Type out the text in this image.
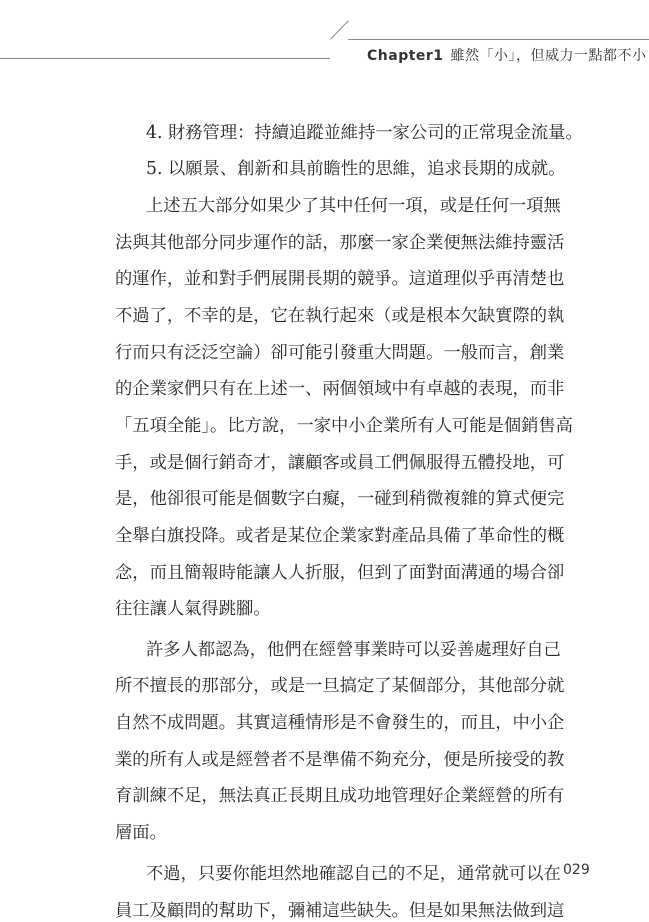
Chapter1 雖然「小」，但威力一點都不小
4. 財務管理：持續追蹤並維持一家公司的正常現金流量。
5. 以願景、創新和具前瞻性的思維，追求長期的成就。
上述五大部分如果少了其中任何一項，或是任何一項無
法與其他部分同步運作的話，那麼一家企業便無法維持靈活
的運作，並和對手們展開長期的競爭。這道理似乎再清楚也
不過了，不幸的是，它在執行起來（或是根本欠缺實際的執
行而只有泛泛空論）卻可能引發重大問題。一般而言，創業
的企業家們只有在上述一、兩個領域中有卓越的表現，而非
「五項全能」。比方說，一家中小企業所有人可能是個銷售高
手，或是個行銷奇才，讓顧客或員工們佩服得五體投地，可
是，他卻很可能是個數字白癡，一碰到稍微複雜的算式便完
全舉白旗投降。或者是某位企業家對產品具備了革命性的概
念，而且簡報時能讓人人折服，但到了面對面溝通的場合卻
往往讓人氣得跳腳。
許多人都認為，他們在經營事業時可以妥善處理好自己
所不擅長的那部分，或是一旦搞定了某個部分，其他部分就
自然不成問題。其實這種情形是不會發生的，而且，中小企
業的所有人或是經營者不是準備不夠充分，便是所接受的教
育訓練不足，無法真正長期且成功地管理好企業經營的所有
層面。
不過，只要你能坦然地確認自己的不足，通常就可以在
員工及顧問的幫助下，彌補這些缺失。但是如果無法做到這
029
